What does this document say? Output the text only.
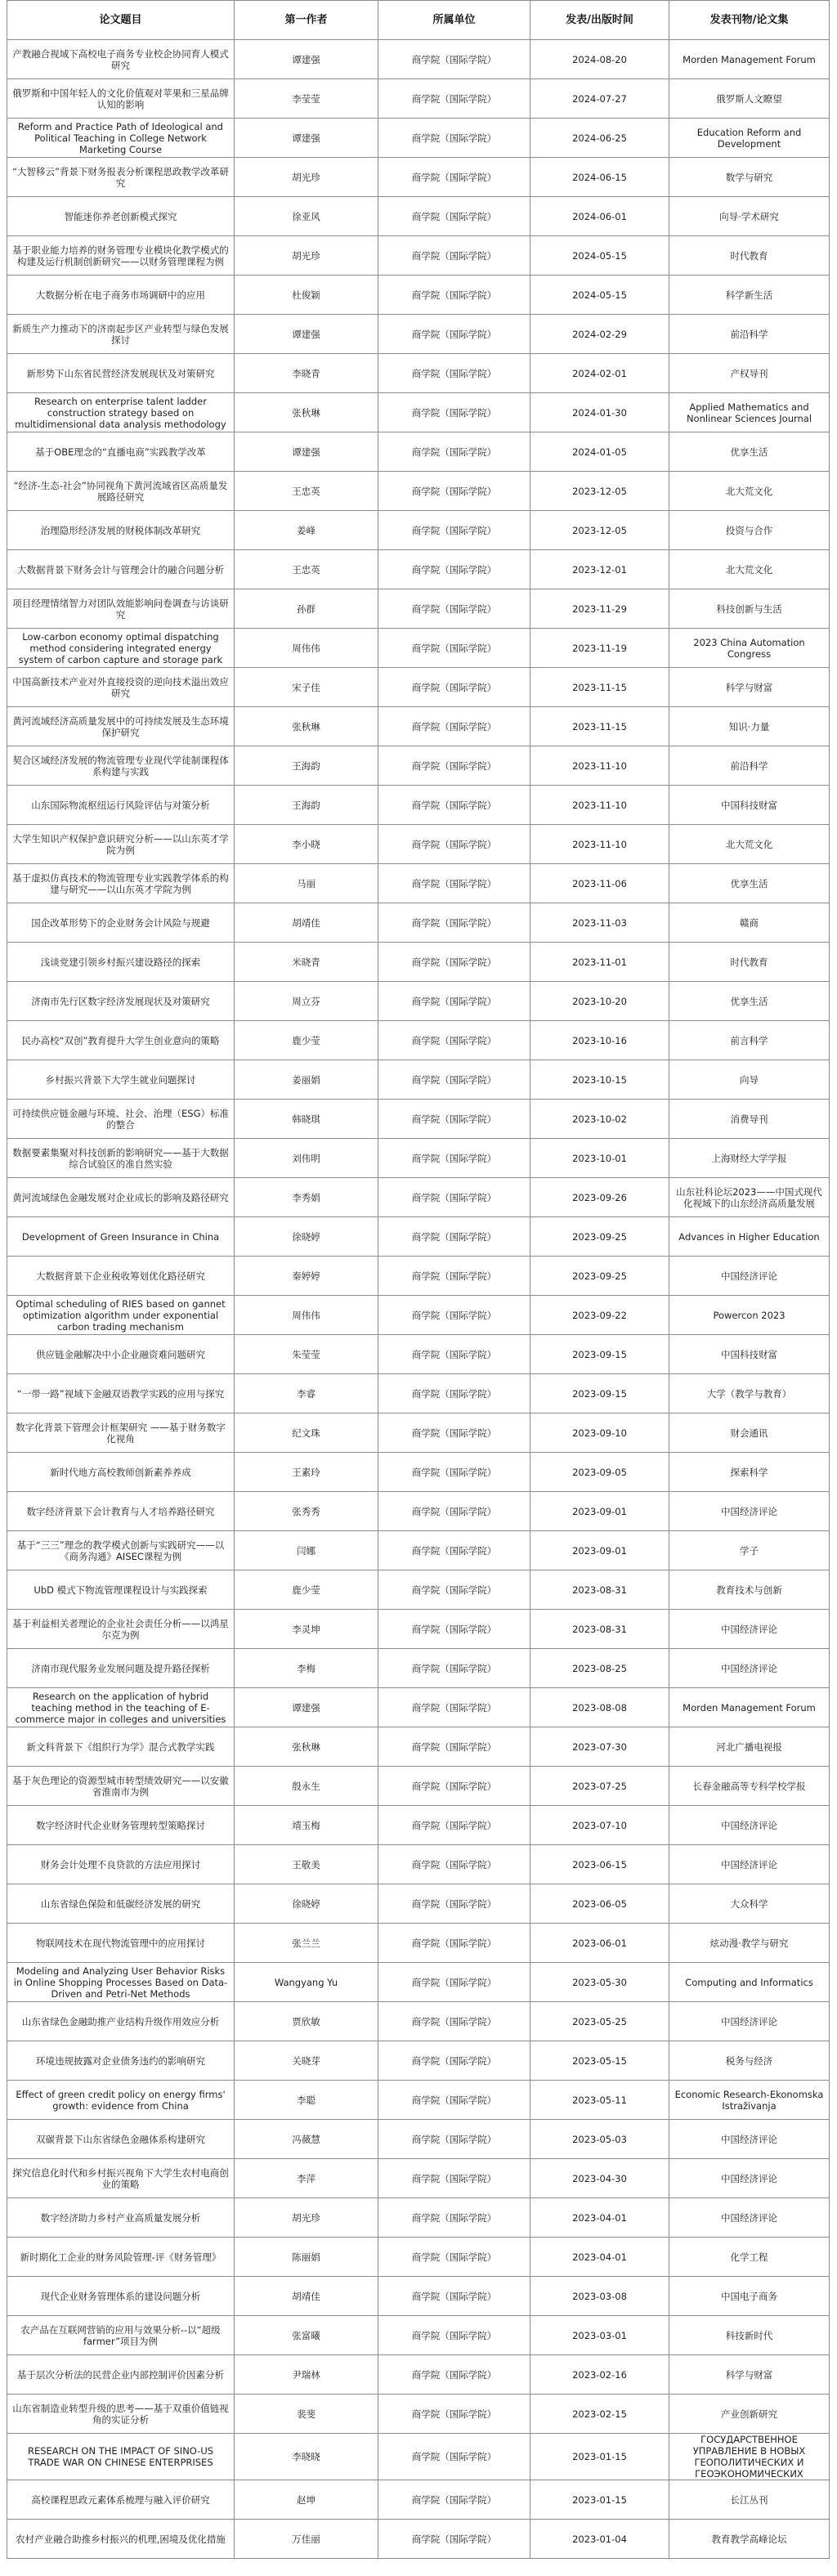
论文题目	第一作者	所属单位	发表/出版时间	发表刊物/论文集
产教融合视域下高校电子商务专业校企协同育人模式研究	谭建强	商学院（国际学院）	2024-08-20	Morden Management Forum
俄罗斯和中国年轻人的文化价值观对苹果和三星品牌认知的影响	李莹莹	商学院（国际学院）	2024-07-27	俄罗斯人文瞭望
Reform and Practice Path of Ideological and Political Teaching in College Network Marketing Course	谭建强	商学院（国际学院）	2024-06-25	Education Reform and Development
“大智移云”背景下财务报表分析课程思政教学改革研究	胡光珍	商学院（国际学院）	2024-06-15	数学与研究
智能迷你养老创新模式探究	徐亚风	商学院（国际学院）	2024-06-01	向导·学术研究
基于职业能力培养的财务管理专业模块化教学模式的构建及运行机制创新研究——以财务管理课程为例	胡光珍	商学院（国际学院）	2024-05-15	时代教育
大数据分析在电子商务市场调研中的应用	杜俊颖	商学院（国际学院）	2024-05-15	科学新生活
新质生产力推动下的济南起步区产业转型与绿色发展探讨	谭建强	商学院（国际学院）	2024-02-29	前沿科学
新形势下山东省民营经济发展现状及对策研究	李晓青	商学院（国际学院）	2024-02-01	产权导刊
Research on enterprise talent ladder construction strategy based on multidimensional data analysis methodology	张秋琳	商学院（国际学院）	2024-01-30	Applied Mathematics and Nonlinear Sciences Journal
基于OBE理念的“直播电商”实践教学改革	谭建强	商学院（国际学院）	2024-01-05	优享生活
“经济-生态-社会”协同视角下黄河流域省区高质量发展路径研究	王忠英	商学院（国际学院）	2023-12-05	北大荒文化
治理隐形经济发展的财税体制改革研究	姜峰	商学院（国际学院）	2023-12-05	投资与合作
大数据背景下财务会计与管理会计的融合问题分析	王忠英	商学院（国际学院）	2023-12-01	北大荒文化
项目经理情绪智力对团队效能影响问卷调查与访谈研究	孙群	商学院（国际学院）	2023-11-29	科技创新与生活
Low-carbon economy optimal dispatching method considering integrated energy system of carbon capture and storage park	周伟伟	商学院（国际学院）	2023-11-19	2023 China Automation Congress
中国高新技术产业对外直接投资的逆向技术溢出效应研究	宋子佳	商学院（国际学院）	2023-11-15	科学与财富
黄河流域经济高质量发展中的可持续发展及生态环境保护研究	张秋琳	商学院（国际学院）	2023-11-15	知识·力量
契合区域经济发展的物流管理专业现代学徒制课程体系构建与实践	王海韵	商学院（国际学院）	2023-11-10	前沿科学
山东国际物流枢纽运行风险评估与对策分析	王海韵	商学院（国际学院）	2023-11-10	中国科技财富
大学生知识产权保护意识研究分析——以山东英才学院为例	李小晓	商学院（国际学院）	2023-11-10	北大荒文化
基于虚拟仿真技术的物流管理专业实践教学体系的构建与研究——以山东英才学院为例	马丽	商学院（国际学院）	2023-11-06	优享生活
国企改革形势下的企业财务会计风险与规避	胡靖佳	商学院（国际学院）	2023-11-03	赣商
浅谈党建引领乡村振兴建设路径的探索	米晓青	商学院（国际学院）	2023-11-01	时代教育
济南市先行区数字经济发展现状及对策研究	周立芬	商学院（国际学院）	2023-10-20	优享生活
民办高校“双创”教育提升大学生创业意向的策略	鹿少莹	商学院（国际学院）	2023-10-16	前言科学
乡村振兴背景下大学生就业问题探讨	姜丽娟	商学院（国际学院）	2023-10-15	向导
可持续供应链金融与环境、社会、治理（ESG）标准的整合	韩晓琪	商学院（国际学院）	2023-10-02	消费导刊
数据要素集聚对科技创新的影响研究——基于大数据综合试验区的准自然实验	刘伟明	商学院（国际学院）	2023-10-01	上海财经大学学报
黄河流域绿色金融发展对企业成长的影响及路径研究	李秀娟	商学院（国际学院）	2023-09-26	山东社科论坛2023——中国式现代化视域下的山东经济高质量发展
Development of Green Insurance in China	徐晓婷	商学院（国际学院）	2023-09-25	Advances in Higher Education
大数据背景下企业税收筹划优化路径研究	秦婷婷	商学院（国际学院）	2023-09-25	中国经济评论
Optimal scheduling of RIES based on gannet optimization algorithm under exponential carbon trading mechanism	周伟伟	商学院（国际学院）	2023-09-22	Powercon 2023
供应链金融解决中小企业融资难问题研究	朱莹莹	商学院（国际学院）	2023-09-15	中国科技财富
“一带一路”视域下金融双语教学实践的应用与探究	李睿	商学院（国际学院）	2023-09-15	大学（教学与教育）
数字化背景下管理会计框架研究 ——基于财务数字化视角	纪文珠	商学院（国际学院）	2023-09-10	财会通讯
新时代地方高校教师创新素养养成	王素玲	商学院（国际学院）	2023-09-05	探索科学
数字经济背景下会计教育与人才培养路径研究	张秀秀	商学院（国际学院）	2023-09-01	中国经济评论
基于“三三”理念的教学模式创新与实践研究——以《商务沟通》AISEC课程为例	闫娜	商学院（国际学院）	2023-09-01	学子
UbD 模式下物流管理课程设计与实践探索	鹿少莹	商学院（国际学院）	2023-08-31	教育技术与创新
基于利益相关者理论的企业社会责任分析——以鸿星尔克为例	李灵坤	商学院（国际学院）	2023-08-31	中国经济评论
济南市现代服务业发展问题及提升路径探析	李梅	商学院（国际学院）	2023-08-25	中国经济评论
Research on the application of hybrid teaching method in the teaching of E-commerce major in colleges and universities	谭建强	商学院（国际学院）	2023-08-08	Morden Management Forum
新文科背景下《组织行为学》混合式教学实践	张秋琳	商学院（国际学院）	2023-07-30	河北广播电视报
基于灰色理论的资源型城市转型绩效研究——以安徽省淮南市为例	殷永生	商学院（国际学院）	2023-07-25	长春金融高等专科学校学报
数字经济时代企业财务管理转型策略探讨	靖玉梅	商学院（国际学院）	2023-07-10	中国经济评论
财务会计处理不良贷款的方法应用探讨	王敬美	商学院（国际学院）	2023-06-15	中国经济评论
山东省绿色保险和低碳经济发展的研究	徐晓婷	商学院（国际学院）	2023-06-05	大众科学
物联网技术在现代物流管理中的应用探讨	张兰兰	商学院（国际学院）	2023-06-01	炫动漫·教学与研究
Modeling and Analyzing User Behavior Risks in Online Shopping Processes Based on Data-Driven and Petri-Net Methods	Wangyang Yu	商学院（国际学院）	2023-05-30	Computing and Informatics
山东省绿色金融助推产业结构升级作用效应分析	贾欣敏	商学院（国际学院）	2023-05-25	中国经济评论
环境违规披露对企业债务违约的影响研究	关晓芽	商学院（国际学院）	2023-05-15	税务与经济
Effect of green credit policy on energy firms' growth: evidence from China	李聪	商学院（国际学院）	2023-05-11	Economic Research-Ekonomska Istraživanja
双碳背景下山东省绿色金融体系构建研究	冯薇慧	商学院（国际学院）	2023-05-03	中国经济评论
探究信息化时代和乡村振兴视角下大学生农村电商创业的策略	李萍	商学院（国际学院）	2023-04-30	中国经济评论
数字经济助力乡村产业高质量发展分析	胡光珍	商学院（国际学院）	2023-04-01	中国经济评论
新时期化工企业的财务风险管理-评《财务管理》	陈丽娟	商学院（国际学院）	2023-04-01	化学工程
现代企业财务管理体系的建设问题分析	胡靖佳	商学院（国际学院）	2023-03-08	中国电子商务
农产品在互联网营销的应用与效果分析--以“超级farmer”项目为例	张富曦	商学院（国际学院）	2023-03-01	科技新时代
基于层次分析法的民营企业内部控制评价因素分析	尹瑞林	商学院（国际学院）	2023-02-16	科学与财富
山东省制造业转型升级的思考——基于双重价值链视角的实证分析	裴斐	商学院（国际学院）	2023-02-15	产业创新研究
RESEARCH ON THE IMPACT OF SINO-US TRADE WAR ON CHINESE ENTERPRISES	李晓晓	商学院（国际学院）	2023-01-15	ГОСУДАРСТВЕННОЕ УПРАВЛЕНИЕ В НОВЫХ ГЕОПОЛИТИЧЕСКИХ И ГЕОЭКОНОМИЧЕСКИХ
高校课程思政元素体系梳理与融入评价研究	赵坤	商学院（国际学院）	2023-01-15	长江丛刊
农村产业融合助推乡村振兴的机理,困境及优化措施	万佳丽	商学院（国际学院）	2023-01-04	教育教学高峰论坛
